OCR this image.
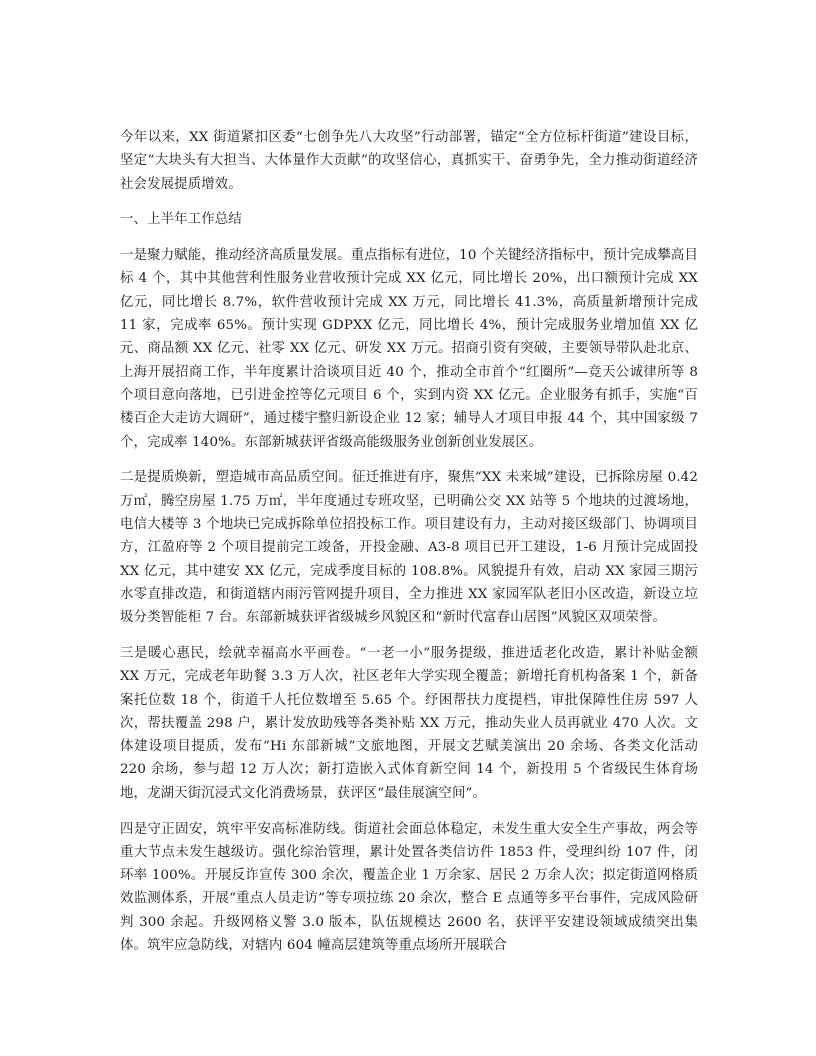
今年以来，XX 街道紧扣区委“七创争先八大攻坚”行动部署，锚定“全方位标杆街道”建设目标，坚定“大块头有大担当、大体量作大贡献”的攻坚信心，真抓实干、奋勇争先，全力推动街道经济社会发展提质增效。

一、上半年工作总结

一是聚力赋能，推动经济高质量发展。重点指标有进位，10 个关键经济指标中，预计完成攀高目标 4 个，其中其他营利性服务业营收预计完成 XX 亿元，同比增长 20%，出口额预计完成 XX 亿元，同比增长 8.7%，软件营收预计完成 XX 万元，同比增长 41.3%，高质量新增预计完成 11 家，完成率 65%。预计实现 GDPXX 亿元，同比增长 4%，预计完成服务业增加值 XX 亿元、商品额 XX 亿元、社零 XX 亿元、研发 XX 万元。招商引资有突破，主要领导带队赴北京、上海开展招商工作，半年度累计洽谈项目近 40 个，推动全市首个“红圈所”—竞天公诚律所等 8 个项目意向落地，已引进金控等亿元项目 6 个，实到内资 XX 亿元。企业服务有抓手，实施“百楼百企大走访大调研”，通过楼宇整归新设企业 12 家；辅导人才项目申报 44 个，其中国家级 7 个，完成率 140%。东部新城获评省级高能级服务业创新创业发展区。

二是提质焕新，塑造城市高品质空间。征迁推进有序，聚焦“XX 未来城”建设，已拆除房屋 0.42 万㎡，腾空房屋 1.75 万㎡，半年度通过专班攻坚，已明确公交 XX 站等 5 个地块的过渡场地，电信大楼等 3 个地块已完成拆除单位招投标工作。项目建设有力，主动对接区级部门、协调项目方，江盈府等 2 个项目提前完工竣备，开投金融、A3-8 项目已开工建设，1-6 月预计完成固投 XX 亿元，其中建安 XX 亿元，完成季度目标的 108.8%。风貌提升有效，启动 XX 家园三期污水零直排改造，和街道辖内雨污管网提升项目，全力推进 XX 家园军队老旧小区改造，新设立垃圾分类智能柜 7 台。东部新城获评省级城乡风貌区和“新时代富春山居图”风貌区双项荣誉。

三是暖心惠民，绘就幸福高水平画卷。“一老一小”服务提级，推进适老化改造，累计补贴金额 XX 万元，完成老年助餐 3.3 万人次，社区老年大学实现全覆盖；新增托育机构备案 1 个，新备案托位数 18 个，街道千人托位数增至 5.65 个。纾困帮扶力度提档，审批保障性住房 597 人次，帮扶覆盖 298 户，累计发放助残等各类补贴 XX 万元，推动失业人员再就业 470 人次。文体建设项目提质，发布“Hi 东部新城”文旅地图，开展文艺赋美演出 20 余场、各类文化活动 220 余场，参与超 12 万人次；新打造嵌入式体育新空间 14 个，新投用 5 个省级民生体育场地，龙湖天街沉浸式文化消费场景，获评区“最佳展演空间”。

四是守正固安，筑牢平安高标准防线。街道社会面总体稳定，未发生重大安全生产事故，两会等重大节点未发生越级访。强化综治管理，累计处置各类信访件 1853 件，受理纠纷 107 件，闭环率 100%。开展反诈宣传 300 余次，覆盖企业 1 万余家、居民 2 万余人次；拟定街道网格质效监测体系，开展“重点人员走访”等专项拉练 20 余次，整合 E 点通等多平台事件，完成风险研判 300 余起。升级网格义警 3.0 版本，队伍规模达 2600 名，获评平安建设领域成绩突出集体。筑牢应急防线，对辖内 604 幢高层建筑等重点场所开展联合
